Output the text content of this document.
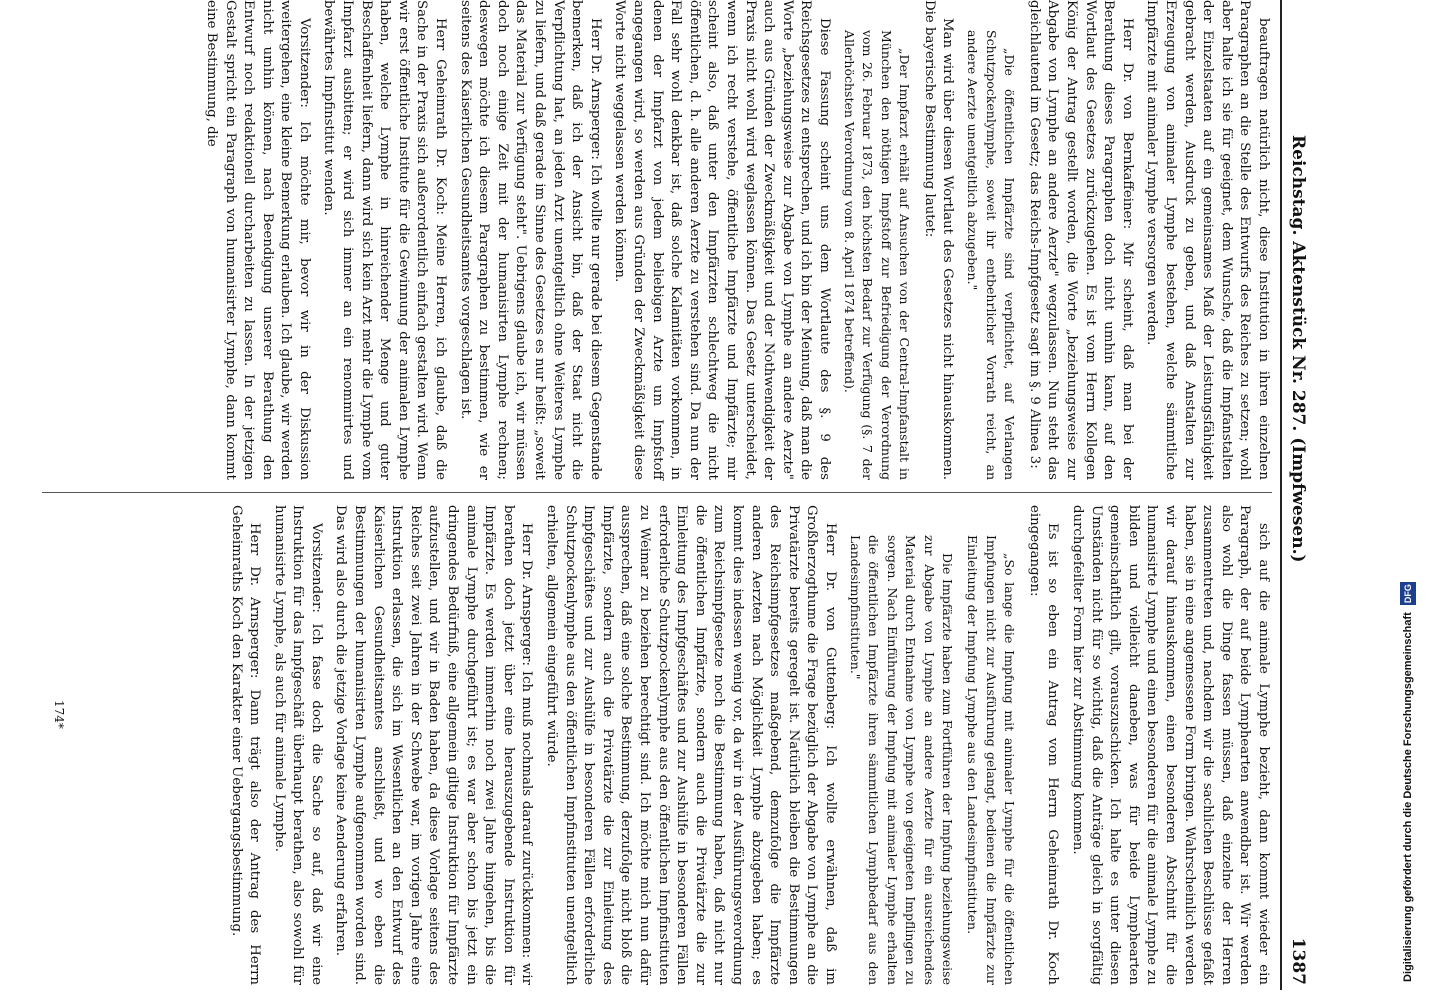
Reichstag. Aktenstück Nr. 287. (Impfwesen.)
1387

beauftragen natürlich nicht, diese Institution in ihren einzelnen Paragraphen an die Stelle des Entwurfs des Reiches zu setzen; wohl aber halte ich sie für geeignet, dem Wunsche, daß die Impfanstalten der Einzelstaaten auf ein gemeinsames Maß der Leistungsfähigkeit gebracht werden, Ausdruck zu geben, und daß Anstalten zur Erzeugung von animaler Lymphe bestehen, welche sämmtliche Impfärzte mit animaler Lymphe versorgen werden.

Herr Dr. von Bernkaffeiner: Mir scheint, daß man bei der Berathung dieses Paragraphen doch nicht umhin kann, auf den Wortlaut des Gesetzes zurückzugehen. Es ist vom Herrn Kollegen König der Antrag gestellt worden, die Worte „beziehungsweise zur Abgabe von Lymphe an andere Aerzte" wegzulassen. Nun steht das gleichlautend im Gesetz; das Reichs-Impfgesetz sagt im §. 9 Alinea 3:

„Die öffentlichen Impfärzte sind verpflichtet, auf Verlangen Schutzpockenlymphe, soweit ihr entbehrlicher Vorrath reicht, an andere Aerzte unentgeltlich abzugeben."

Man wird über diesen Wortlaut des Gesetzes nicht hinauskommen. Die bayerische Bestimmung lautet:

„Der Impfarzt erhält auf Ansuchen von der Central-Impfanstalt in München den nöthigen Impfstoff zur Befriedigung der Verordnung vom 26. Februar 1873, den höchsten Bedarf zur Verfügung (§. 7 der Allerhöchsten Verordnung vom 8. April 1874 betreffend).

Diese Fassung scheint uns dem Wortlaute des §. 9 des Reichsgesetzes zu entsprechen, und ich bin der Meinung, daß man die Worte „beziehungsweise zur Abgabe von Lymphe an andere Aerzte" auch aus Gründen der Zweckmäßigkeit und der Nothwendigkeit der Praxis nicht wohl wird weglassen können. Das Gesetz unterscheidet, wenn ich recht verstehe, öffentliche Impfärzte und Impfärzte; mir scheint also, daß unter den Impfärzten schlechtweg die nicht öffentlichen, d. h. alle anderen Aerzte zu verstehen sind. Da nun der Fall sehr wohl denkbar ist, daß solche Kalamitäten vorkommen, in denen der Impfarzt von jedem beliebigen Arzte um Impfstoff angegangen wird, so werden aus Gründen der Zweckmäßigkeit diese Worte nicht weggelassen werden können.

Herr Dr. Arnsperger: Ich wollte nur gerade bei diesem Gegenstande bemerken, daß ich der Ansicht bin, daß der Staat nicht die Verpflichtung hat, an jeden Arzt unentgeltlich ohne Weiteres Lymphe zu liefern, und daß gerade im Sinne des Gesetzes es nur heißt: „soweit das Material zur Verfügung steht". Uebrigens glaube ich, wir müssen doch noch einige Zeit mit der humanisirten Lymphe rechnen; deswegen möchte ich diesem Paragraphen zu bestimmen, wie er seitens des Kaiserlichen Gesundheitsamtes vorgeschlagen ist.

Herr Geheimrath Dr. Koch: Meine Herren, ich glaube, daß die Sache in der Praxis sich außerordentlich einfach gestalten wird. Wenn wir erst öffentliche Institute für die Gewinnung der animalen Lymphe haben, welche Lymphe in hinreichender Menge und guter Beschaffenheit liefern, dann wird sich kein Arzt mehr die Lymphe vom Impfarzt ausbitten; er wird sich immer an ein renommirtes und bewährtes Impfinstitut wenden.

Vorsitzender: Ich möchte mir, bevor wir in der Diskussion weitergehen, eine kleine Bemerkung erlauben. Ich glaube, wir werden nicht umhin können, nach Beendigung unserer Berathung den Entwurf noch redaktionell durcharbeiten zu lassen. In der jetzigen Gestalt spricht ein Paragraph von humanisirter Lymphe, dann kommt eine Bestimmung, die

sich auf die animale Lymphe bezieht, dann kommt wieder ein Paragraph, der auf beide Lymphearten anwendbar ist. Wir werden also wohl die Dinge fassen müssen, daß einzelne der Herren zusammentreten und, nachdem wir die sachlichen Beschlüsse gefaßt haben, sie in eine angemessene Form bringen. Wahrscheinlich werden wir darauf hinauskommen, einen besonderen Abschnitt für die humanisirte Lymphe und einen besonderen für die animale Lymphe zu bilden und vielleicht daneben, was für beide Lymphearten gemeinschaftlich gilt, vorauszuschicken. Ich halte es unter diesen Umständen nicht für so wichtig, daß die Anträge gleich in sorgfältig durchgefeilter Form hier zur Abstimmung kommen.

Es ist so eben ein Antrag vom Herrn Geheimrath Dr. Koch eingegangen:

„So lange die Impfung mit animaler Lymphe für die öffentlichen Impfungen nicht zur Ausführung gelangt, bedienen die Impfärzte zur Einleitung der Impfung Lymphe aus den Landesimpfinstituten.

Die Impfärzte haben zum Fortführen der Impfung beziehungsweise zur Abgabe von Lymphe an andere Aerzte für ein ausreichendes Material durch Entnahme von Lymphe von geeigneten Impflingen zu sorgen. Nach Einführung der Impfung mit animaler Lymphe erhalten die öffentlichen Impfärzte ihren sämmtlichen Lymphbedarf aus den Landesimpfinstituten."

Herr Dr. von Guttenberg: Ich wollte erwähnen, daß im Großherzogthume die Frage bezüglich der Abgabe von Lymphe an die Privatärzte bereits geregelt ist. Natürlich bleiben die Bestimmungen des Reichsimpfgesetzes maßgebend, demzufolge die Impfärzte anderen Aerzten nach Möglichkeit Lymphe abzugeben haben; es kommt dies indessen wenig vor, da wir in der Ausführungsverordnung zum Reichsimpfgesetze noch die Bestimmung haben, daß nicht nur die öffentlichen Impfärzte, sondern auch die Privatärzte die zur Einleitung des Impfgeschäftes und zur Aushülfe in besonderen Fällen erforderliche Schutzpockenlymphe aus den öffentlichen Impfinstituten zu Weimar zu beziehen berechtigt sind. Ich möchte mich nun dafür aussprechen, daß eine solche Bestimmung, derzufolge nicht bloß die Impfärzte, sondern auch die Privatärzte die zur Einleitung des Impfgeschäftes und zur Aushülfe in besonderen Fällen erforderliche Schutzpockenlymphe aus den öffentlichen Impfinstituten unentgeltlich erhielten, allgemein eingeführt würde.

Herr Dr. Arnsperger: Ich muß nochmals darauf zurückkommen: wir berathen doch jetzt über eine herauszugebende Instruktion für Impfärzte. Es werden immerhin noch zwei Jahre hingehen, bis die animale Lymphe durchgeführt ist; es war aber schon bis jetzt ein dringendes Bedürfniß, eine allgemein giltige Instruktion für Impfärzte aufzustellen, und wir in Baden haben, da diese Vorlage seitens des Reiches seit zwei Jahren in der Schwebe war, im vorigen Jahre eine Instruktion erlassen, die sich im Wesentlichen an den Entwurf des Kaiserlichen Gesundheitsamtes anschließt, und wo eben die Bestimmungen der humanisirten Lymphe aufgenommen worden sind. Das wird also durch die jetzige Vorlage keine Aenderung erfahren.

Vorsitzender: Ich fasse doch die Sache so auf, daß wir eine Instruktion für das Impfgeschäft überhaupt berathen, also sowohl für humanisirte Lymphe, als auch für animale Lymphe.

Herr Dr. Arnsperger: Dann trägt also der Antrag des Herrn Geheimraths Koch den Karakter einer Uebergangsbestimmung.

174*	Digitalisierung gefördert durch die Deutsche Forschungsgemeinschaft DFG
